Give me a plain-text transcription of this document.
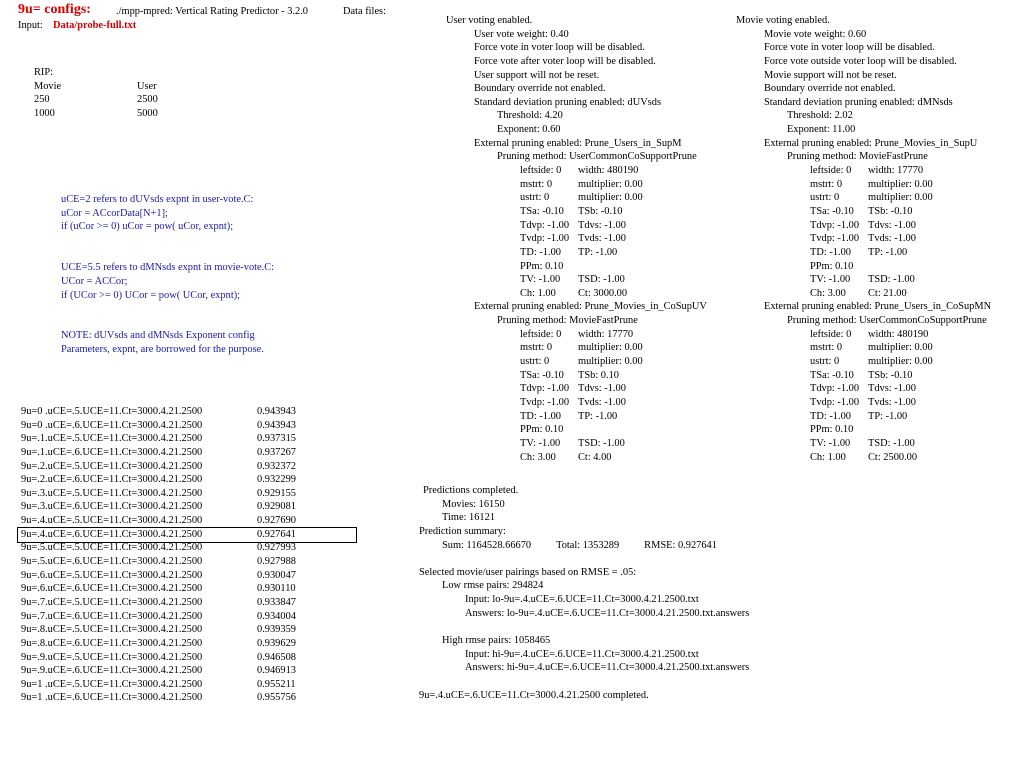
9u= configs: ./mpp-mpred: Vertical Rating Predictor - 3.2.0	Data files:
Input: Data/probe-full.txt
RIP:
Movie	User
250	2500
1000	5000
uCE=2 refers to dUVsds expnt in user-vote.C:
uCor = ACcorData[N+1];
if (uCor >= 0) uCor = pow( uCor, expnt);
UCE=5.5 refers to dMNsds expnt in movie-vote.C:
UCor = ACCor;
if (UCor >= 0) UCor = pow( UCor, expnt);
NOTE: dUVsds and dMNsds Exponent config
Parameters, expnt, are borrowed for the purpose.
9u=0 .uCE=.5.UCE=11.Ct=3000.4.21.2500	0.943943
9u=0 .uCE=.6.UCE=11.Ct=3000.4.21.2500	0.943943
9u=.1.uCE=.5.UCE=11.Ct=3000.4.21.2500	0.937315
9u=.1.uCE=.6.UCE=11.Ct=3000.4.21.2500	0.937267
9u=.2.uCE=.5.UCE=11.Ct=3000.4.21.2500	0.932372
9u=.2.uCE=.6.UCE=11.Ct=3000.4.21.2500	0.932299
9u=.3.uCE=.5.UCE=11.Ct=3000.4.21.2500	0.929155
9u=.3.uCE=.6.UCE=11.Ct=3000.4.21.2500	0.929081
9u=.4.uCE=.5.UCE=11.Ct=3000.4.21.2500	0.927690
9u=.4.uCE=.6.UCE=11.Ct=3000.4.21.2500	0.927641
9u=.5.uCE=.5.UCE=11.Ct=3000.4.21.2500	0.927993
9u=.5.uCE=.6.UCE=11.Ct=3000.4.21.2500	0.927988
9u=.6.uCE=.5.UCE=11.Ct=3000.4.21.2500	0.930047
9u=.6.uCE=.6.UCE=11.Ct=3000.4.21.2500	0.930110
9u=.7.uCE=.5.UCE=11.Ct=3000.4.21.2500	0.933847
9u=.7.uCE=.6.UCE=11.Ct=3000.4.21.2500	0.934004
9u=.8.uCE=.5.UCE=11.Ct=3000.4.21.2500	0.939359
9u=.8.uCE=.6.UCE=11.Ct=3000.4.21.2500	0.939629
9u=.9.uCE=.5.UCE=11.Ct=3000.4.21.2500	0.946508
9u=.9.uCE=.6.UCE=11.Ct=3000.4.21.2500	0.946913
9u=1 .uCE=.5.UCE=11.Ct=3000.4.21.2500	0.955211
9u=1 .uCE=.6.UCE=11.Ct=3000.4.21.2500	0.955756
User voting enabled.
User vote weight: 0.40
Force vote in voter loop will be disabled.
Force vote after voter loop will be disabled.
User support will not be reset.
Boundary override not enabled.
Standard deviation pruning enabled: dUVsds
Threshold: 4.20
Exponent: 0.60
External pruning enabled: Prune_Users_in_SupM
Pruning method: UserCommonCoSupportPrune
leftside: 0 width: 480190
mstrt: 0 multiplier: 0.00
ustrt: 0	multiplier: 0.00
TSa: -0.10 TSb: -0.10
Tdvp: -1.00 Tdvs: -1.00
Tvdp: -1.00 Tvds: -1.00
TD: -1.00 TP: -1.00
PPm: 0.10
TV: -1.00 TSD: -1.00
Ch: 1.00 Ct: 3000.00
External pruning enabled: Prune_Movies_in_CoSupUV
Pruning method: MovieFastPrune
leftside: 0 width: 17770
mstrt: 0 multiplier: 0.00
ustrt: 0	multiplier: 0.00
TSa: -0.10 TSb: 0.10
Tdvp: -1.00 Tdvs: -1.00
Tvdp: -1.00 Tvds: -1.00
TD: -1.00 TP: -1.00
PPm: 0.10
TV: -1.00 TSD: -1.00
Ch: 3.00 Ct: 4.00
Movie voting enabled.
Movie vote weight: 0.60
Force vote in voter loop will be disabled.
Force vote outside voter loop will be disabled.
Movie support will not be reset.
Boundary override not enabled.
Standard deviation pruning enabled: dMNsds
Threshold: 2.02
Exponent: 11.00
External pruning enabled: Prune_Movies_in_SupU
Pruning method: MovieFastPrune
leftside: 0 width: 17770
mstrt: 0 multiplier: 0.00
ustrt: 0	multiplier: 0.00
TSa: -0.10 TSb: -0.10
Tdvp: -1.00 Tdvs: -1.00
Tvdp: -1.00 Tvds: -1.00
TD: -1.00 TP: -1.00
PPm: 0.10
TV: -1.00 TSD: -1.00
Ch: 3.00 Ct: 21.00
External pruning enabled: Prune_Users_in_CoSupMN
Pruning method: UserCommonCoSupportPrune
leftside: 0 width: 480190
mstrt: 0 multiplier: 0.00
ustrt: 0	multiplier: 0.00
TSa: -0.10 TSb: -0.10
Tdvp: -1.00 Tdvs: -1.00
Tvdp: -1.00 Tvds: -1.00
TD: -1.00 TP: -1.00
PPm: 0.10
TV: -1.00 TSD: -1.00
Ch: 1.00 Ct: 2500.00
Predictions completed.
Movies: 16150
Time: 16121
Prediction summary:
Sum: 1164528.66670 Total: 1353289 RMSE: 0.927641
Selected movie/user pairings based on RMSE = .05:
Low rmse pairs: 294824
Input: lo-9u=.4.uCE=.6.UCE=11.Ct=3000.4.21.2500.txt
Answers: lo-9u=.4.uCE=.6.UCE=11.Ct=3000.4.21.2500.txt.answers
High rmse pairs: 1058465
Input: hi-9u=.4.uCE=.6.UCE=11.Ct=3000.4.21.2500.txt
Answers: hi-9u=.4.uCE=.6.UCE=11.Ct=3000.4.21.2500.txt.answers
9u=.4.uCE=.6.UCE=11.Ct=3000.4.21.2500 completed.
